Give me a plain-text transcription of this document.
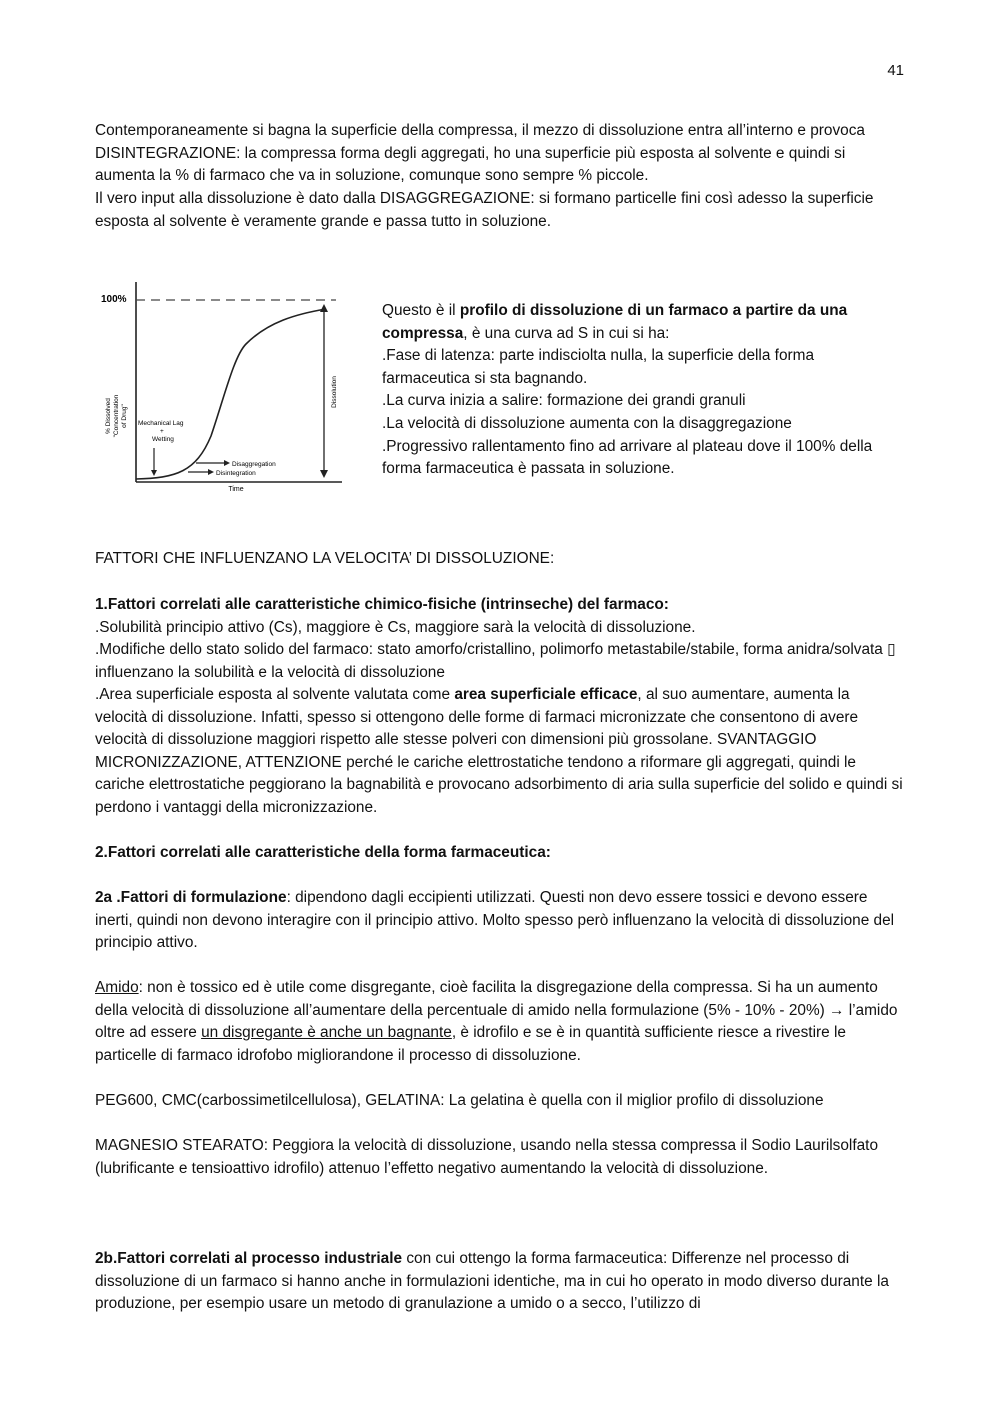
41

Contemporaneamente si bagna la superficie della compressa, il mezzo di dissoluzione entra all’interno e provoca DISINTEGRAZIONE: la compressa forma degli aggregati, ho una superficie più esposta al solvente e quindi si aumenta la % di farmaco che va in soluzione, comunque sono sempre % piccole.

Il vero input alla dissoluzione è dato dalla DISAGGREGAZIONE: si formano particelle fini così adesso la superficie esposta al solvente è veramente grande e passa tutto in soluzione.

100%
% Dissolved "Concentration of Drug"
Dissolution
Mechanical Lag
+
Wetting
Disaggregation
Disintegration
Time
Questo è il profilo di dissoluzione di un farmaco a partire da una compressa, è una curva ad S in cui si ha:
.Fase di latenza: parte indisciolta nulla, la superficie della forma farmaceutica si sta bagnando.
.La curva inizia a salire: formazione dei grandi granuli
.La velocità di dissoluzione aumenta con la disaggregazione
.Progressivo rallentamento fino ad arrivare al plateau dove il 100% della forma farmaceutica è passata in soluzione.

FATTORI CHE INFLUENZANO LA VELOCITA’ DI DISSOLUZIONE:

1.Fattori correlati alle caratteristiche chimico-fisiche (intrinseche) del farmaco:

.Solubilità principio attivo (Cs), maggiore è Cs, maggiore sarà la velocità di dissoluzione.

.Modifiche dello stato solido del farmaco: stato amorfo/cristallino, polimorfo metastabile/stabile, forma anidra/solvata ▯ influenzano la solubilità e la velocità di dissoluzione

.Area superficiale esposta al solvente valutata come area superficiale efficace, al suo aumentare, aumenta la velocità di dissoluzione. Infatti, spesso si ottengono delle forme di farmaci micronizzate che consentono di avere velocità di dissoluzione maggiori rispetto alle stesse polveri con dimensioni più grossolane. SVANTAGGIO MICRONIZZAZIONE, ATTENZIONE perché le cariche elettrostatiche tendono a riformare gli aggregati, quindi le cariche elettrostatiche peggiorano la bagnabilità e provocano adsorbimento di aria sulla superficie del solido e quindi si perdono i vantaggi della micronizzazione.

2.Fattori correlati alle caratteristiche della forma farmaceutica:

2a .Fattori di formulazione: dipendono dagli eccipienti utilizzati. Questi non devo essere tossici e devono essere inerti, quindi non devono interagire con il principio attivo. Molto spesso però influenzano la velocità di dissoluzione del principio attivo.

Amido: non è tossico ed è utile come disgregante, cioè facilita la disgregazione della compressa. Si ha un aumento della velocità di dissoluzione all’aumentare della percentuale di amido nella formulazione (5% - 10% - 20%) → l’amido oltre ad essere un disgregante è anche un bagnante, è idrofilo e se è in quantità sufficiente riesce a rivestire le particelle di farmaco idrofobo migliorandone il processo di dissoluzione.

PEG600, CMC(carbossimetilcellulosa), GELATINA: La gelatina è quella con il miglior profilo di dissoluzione

MAGNESIO STEARATO: Peggiora la velocità di dissoluzione, usando nella stessa compressa il Sodio Laurilsolfato (lubrificante e tensioattivo idrofilo) attenuo l’effetto negativo aumentando la velocità di dissoluzione.

2b.Fattori correlati al processo industriale con cui ottengo la forma farmaceutica: Differenze nel processo di dissoluzione di un farmaco si hanno anche in formulazioni identiche, ma in cui ho operato in modo diverso durante la produzione, per esempio usare un metodo di granulazione a umido o a secco, l’utilizzo di
